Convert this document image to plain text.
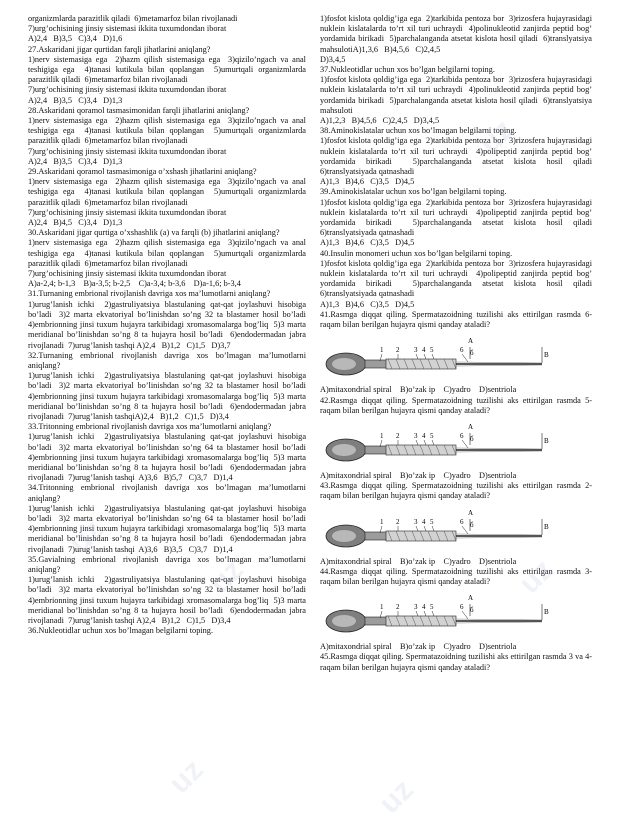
organizmlarda parazitlik qiladi  6)metamarfoz bilan rivojlanadi

7)urg’ochisining jinsiy sistemasi ikkita tuxumdondan iborat

A)2,4   B)3,5   C)3,4   D)1,6

27.Askaridani jigar qurtidan farqli jihatlarini aniqlang?

1)nerv sistemasiga ega  2)hazm qilish sistemasiga ega  3)qizilo’ngach va anal teshigiga ega  4)tanasi kutikula bilan qoplangan  5)umurtqali organizmlarda parazitlik qiladi  6)metamarfoz bilan rivojlanadi

7)urg’ochisining jinsiy sistemasi ikkita tuxumdondan iborat

A)2,4   B)3,5   C)3,4   D)1,3

28.Askaridani qoramol tasmasimonidan farqli jihatlarini aniqlang?

1)nerv sistemasiga ega  2)hazm qilish sistemasiga ega  3)qizilo’ngach va anal teshigiga ega  4)tanasi kutikula bilan qoplangan  5)umurtqali organizmlarda parazitlik qiladi  6)metamarfoz bilan rivojlanadi

7)urg’ochisining jinsiy sistemasi ikkita tuxumdondan iborat

A)2,4   B)3,5   C)3,4   D)1,3

29.Askaridani qoramol tasmasimoniga o’xshash jihatlarini aniqlang?

1)nerv sistemasiga ega  2)hazm qilish sistemasiga ega  3)qizilo’ngach va anal teshigiga ega  4)tanasi kutikula bilan qoplangan  5)umurtqali organizmlarda parazitlik qiladi  6)metamarfoz bilan rivojlanadi

7)urg’ochisining jinsiy sistemasi ikkita tuxumdondan iborat

A)2,4   B)4,5   C)3,4   D)1,3

30.Askaridani jigar qurtiga o’xshashlik (a) va farqli (b) jihatlarini aniqlang?

1)nerv sistemasiga ega  2)hazm qilish sistemasiga ega  3)qizilo’ngach va anal teshigiga ega  4)tanasi kutikula bilan qoplangan  5)umurtqali organizmlarda parazitlik qiladi  6)metamarfoz bilan rivojlanadi

7)urg’ochisining jinsiy sistemasi ikkita tuxumdondan iborat

A)a-2,4; b-1,3    B)a-3,5; b-2,5    C)a-3,4; b-3,6    D)a-1,6; b-3,4

31.Turnaning embrional rivojlanish davriga xos ma’lumotlarni aniqlang?

1)urug’lanish ichki  2)gastruliyatsiya blastulaning qat-qat joylashuvi hisobiga bo’ladi  3)2 marta ekvatoriyal bo’linishdan so’ng 32 ta blastamer hosil bo’ladi  4)embrionning jinsi tuxum hujayra tarkibidagi xromasomalarga bog’liq  5)3 marta meridianal bo’linishdan so’ng 8 ta hujayra hosil bo’ladi  6)endodermadan jabra rivojlanadi  7)urug’lanish tashqi A)2,4   B)1,2   C)1,5   D)3,7

32.Turnaning embrional rivojlanish davriga xos bo’lmagan ma’lumotlarni aniqlang?

1)urug’lanish ichki  2)gastruliyatsiya blastulaning qat-qat joylashuvi hisobiga bo’ladi  3)2 marta ekvatoriyal bo’linishdan so’ng 32 ta blastamer hosil bo’ladi  4)embrionning jinsi tuxum hujayra tarkibidagi xromasomalarga bog’liq  5)3 marta meridianal bo’linishdan so’ng 8 ta hujayra hosil bo’ladi  6)endodermadan jabra rivojlanadi  7)urug’lanish tashqiA)2,4   B)1,2   C)1,5   D)3,4

33.Tritonning embrional rivojlanish davriga xos ma’lumotlarni aniqlang?

1)urug’lanish ichki  2)gastruliyatsiya blastulaning qat-qat joylashuvi hisobiga bo’ladi  3)2 marta ekvatoriyal bo’linishdan so’ng 64 ta blastamer hosil bo’ladi  4)embrionning jinsi tuxum hujayra tarkibidagi xromasomalarga bog’liq  5)3 marta meridianal bo’linishdan so’ng 8 ta hujayra hosil bo’ladi  6)endodermadan jabra rivojlanadi  7)urug’lanish tashqi  A)3,6   B)5,7   C)3,7   D)1,4

34.Tritonning embrional rivojlanish davriga xos bo’lmagan ma’lumotlarni aniqlang?

1)urug’lanish ichki  2)gastruliyatsiya blastulaning qat-qat joylashuvi hisobiga bo’ladi  3)2 marta ekvatoriyal bo’linishdan so’ng 64 ta blastamer hosil bo’ladi  4)embrionning jinsi tuxum hujayra tarkibidagi xromasomalarga bog’liq  5)3 marta meridianal bo’linishdan so’ng 8 ta hujayra hosil bo’ladi  6)endodermadan jabra rivojlanadi  7)urug’lanish tashqi  A)3,6   B)3,5   C)3,7   D)1,4

35.Gavialning embrional rivojlanish davriga xos bo’lmagan ma’lumotlarni aniqlang?

1)urug’lanish ichki  2)gastruliyatsiya blastulaning qat-qat joylashuvi hisobiga bo’ladi  3)2 marta ekvatoriyal bo’linishdan so’ng 32 ta blastamer hosil bo’ladi  4)embrionning jinsi tuxum hujayra tarkibidagi xromasomalarga bog’liq  5)3 marta meridianal bo’linishdan so’ng 8 ta hujayra hosil bo’ladi  6)endodermadan jabra rivojlanadi  7)urug’lanish tashqi A)2,4   B)1,2   C)1,5   D)3,4

36.Nukleotidlar uchun xos bo’lmagan belgilarni toping.

1)fosfot kislota qoldig’iga ega  2)tarkibida pentoza bor  3)rizosfera hujayrasidagi nuklein kislatalarda to’rt xil turi uchraydi  4)polinukleotid zanjirda peptid bog’ yordamida birikadi  5)parchalanganda atsetat kislota hosil qiladi  6)translyatsiya mahsulotiA)1,3,6   B)4,5,6   C)2,4,5

D)3,4,5

37.Nukleotidlar uchun xos bo’lgan belgilarni toping.

1)fosfot kislota qoldig’iga ega  2)tarkibida pentoza bor  3)rizosfera hujayrasidagi nuklein kislatalarda to’rt xil turi uchraydi  4)polinukleotid zanjirda peptid bog’ yordamida birikadi  5)parchalanganda atsetat kislota hosil qiladi  6)translyatsiya mahsuloti

A)1,2,3   B)4,5,6   C)2,4,5   D)3,4,5

38.Aminokislatalar uchun xos bo’lmagan belgilarni toping.

1)fosfot kislota qoldig’iga ega  2)tarkibida pentoza bor  3)rizosfera hujayrasidagi nuklein kislatalarda to’rt xil turi uchraydi  4)polipeptid zanjirda peptid bog’ yordamida birikadi  5)parchalanganda atsetat kislota hosil qiladi  6)translyatsiyada qatnashadi

A)1,3   B)4,6   C)3,5   D)4,5

39.Aminokislatalar uchun xos bo’lgan belgilarni toping.

1)fosfot kislota qoldig’iga ega  2)tarkibida pentoza bor  3)rizosfera hujayrasidagi nuklein kislatalarda to’rt xil turi uchraydi  4)polipeptid zanjirda peptid bog’ yordamida birikadi  5)parchalanganda atsetat kislota hosil qiladi  6)translyatsiyada qatnashadi

A)1,3   B)4,6   C)3,5   D)4,5

40.Insulin monomeri uchun xos bo’lgan belgilarni toping.

1)fosfot kislota qoldig’iga ega  2)tarkibida pentoza bor  3)rizosfera hujayrasidagi nuklein kislatalarda to’rt xil turi uchraydi  4)polipeptid zanjirda peptid bog’ yordamida birikadi  5)parchalanganda atsetat kislota hosil qiladi  6)translyatsiyada qatnashadi

A)1,3   B)4,6   C)3,5   D)4,5

41.Rasmga diqqat qiling. Spermatazoidning tuzilishi aks ettirilgan rasmda 6-raqam bilan berilgan hujayra qismi qanday ataladi?

A
B
б
1 2 3 4 5	6

A)mitaxondrial spiral    B)o’zak ip    C)yadro    D)sentriola

42.Rasmga diqqat qiling. Spermatazoidning tuzilishi aks ettirilgan rasmda 5-raqam bilan berilgan hujayra qismi qanday ataladi?

A
B
б
1 2 3 4 5	6

A)mitaxondrial spiral    B)o’zak ip    C)yadro    D)sentriola

43.Rasmga diqqat qiling. Spermatazoidning tuzilishi aks ettirilgan rasmda 2-raqam bilan berilgan hujayra qismi qanday ataladi?

A
B
б
1 2 3 4 5	6

A)mitaxondrial spiral    B)o’zak ip    C)yadro    D)sentriola

44.Rasmga diqqat qiling. Spermatazoidning tuzilishi aks ettirilgan rasmda 3-raqam bilan berilgan hujayra qismi qanday ataladi?

A
B
б
1 2 3 4 5	6

A)mitaxondrial spiral    B)o’zak ip    C)yadro    D)sentriola

45.Rasmga diqqat qiling. Spermatazoidning tuzilishi aks ettirilgan rasmda 3 va 4-raqam bilan berilgan hujayra qismi qanday ataladi?

uz
uz
uz
uz	uz
uz
